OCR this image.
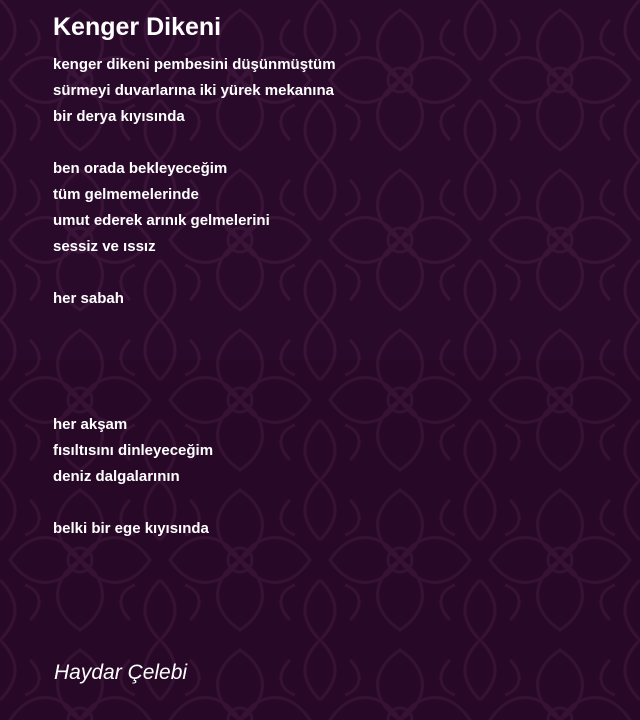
Kenger Dikeni

kenger dikeni pembesini düşünmüştüm

sürmeyi duvarlarına iki yürek mekanına

bir derya kıyısında

ben orada bekleyeceğim

tüm gelmemelerinde

umut ederek arınık gelmelerini

sessiz ve ıssız

her sabah

her akşam

fısıltısını dinleyeceğim

deniz dalgalarının

belki bir ege kıyısında

Haydar Çelebi
